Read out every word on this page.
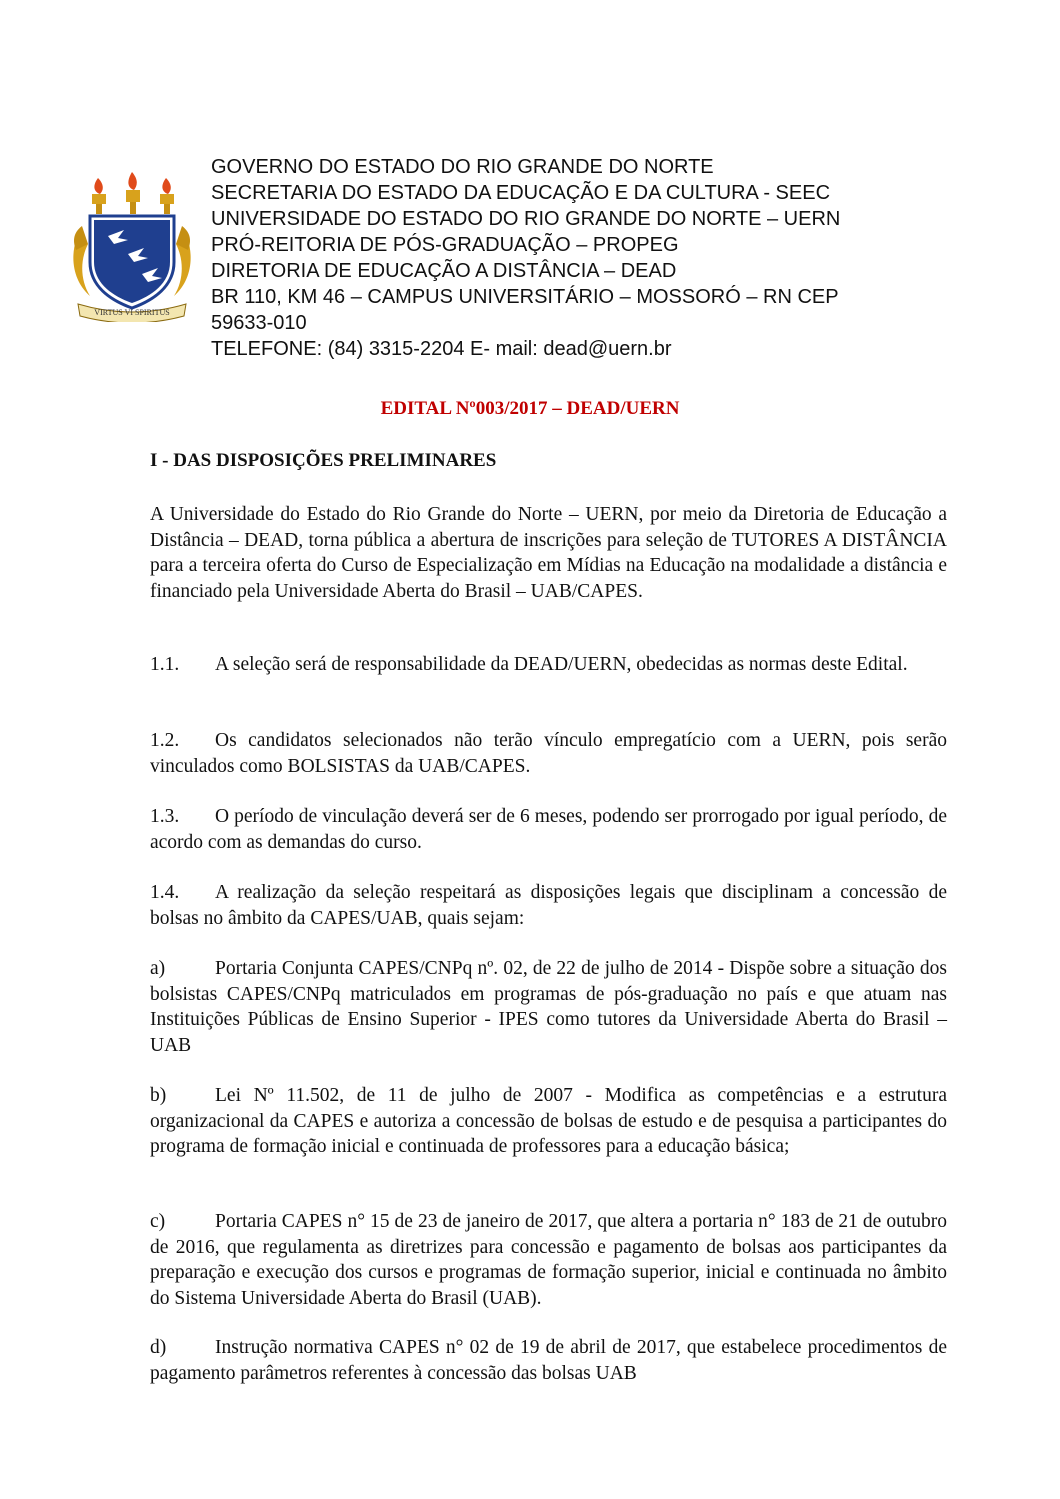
VIRTUS VI SPIRITUS
GOVERNO DO ESTADO DO RIO GRANDE DO NORTE
SECRETARIA DO ESTADO DA EDUCAÇÃO E DA CULTURA - SEEC
UNIVERSIDADE DO ESTADO DO RIO GRANDE DO NORTE – UERN
PRÓ-REITORIA DE PÓS-GRADUAÇÃO – PROPEG
DIRETORIA DE EDUCAÇÃO A DISTÂNCIA – DEAD
BR 110, KM 46 – CAMPUS UNIVERSITÁRIO – MOSSORÓ – RN CEP
59633-010
TELEFONE: (84) 3315-2204 E- mail: dead@uern.br
EDITAL Nº003/2017 – DEAD/UERN
I - DAS DISPOSIÇÕES PRELIMINARES

A Universidade do Estado do Rio Grande do Norte – UERN, por meio da Diretoria de Educação a Distância – DEAD, torna pública a abertura de inscrições para seleção de TUTORES A DISTÂNCIA para a terceira oferta do Curso de Especialização em Mídias na Educação na modalidade a distância e financiado pela Universidade Aberta do Brasil – UAB/CAPES.

1.1. A seleção será de responsabilidade da DEAD/UERN, obedecidas as normas deste Edital.

1.2. Os candidatos selecionados não terão vínculo empregatício com a UERN, pois serão vinculados como BOLSISTAS da UAB/CAPES.

1.3. O período de vinculação deverá ser de 6 meses, podendo ser prorrogado por igual período, de acordo com as demandas do curso.

1.4. A realização da seleção respeitará as disposições legais que disciplinam a concessão de bolsas no âmbito da CAPES/UAB, quais sejam:

a)	Portaria Conjunta CAPES/CNPq nº. 02, de 22 de julho de 2014 - Dispõe sobre a situação dos bolsistas CAPES/CNPq matriculados em programas de pós-graduação no país e que atuam nas Instituições Públicas de Ensino Superior - IPES como tutores da Universidade Aberta do Brasil – UAB

b)	Lei Nº 11.502, de 11 de julho de 2007 - Modifica as competências e a estrutura organizacional da CAPES e autoriza a concessão de bolsas de estudo e de pesquisa a participantes do programa de formação inicial e continuada de professores para a educação básica;

c)	Portaria CAPES n° 15 de 23 de janeiro de 2017, que altera a portaria n° 183 de 21 de outubro de 2016, que regulamenta as diretrizes para concessão e pagamento de bolsas aos participantes da preparação e execução dos cursos e programas de formação superior, inicial e continuada no âmbito do Sistema Universidade Aberta do Brasil (UAB).

d)	Instrução normativa CAPES n° 02 de 19 de abril de 2017, que estabelece procedimentos de pagamento parâmetros referentes à concessão das bolsas UAB
